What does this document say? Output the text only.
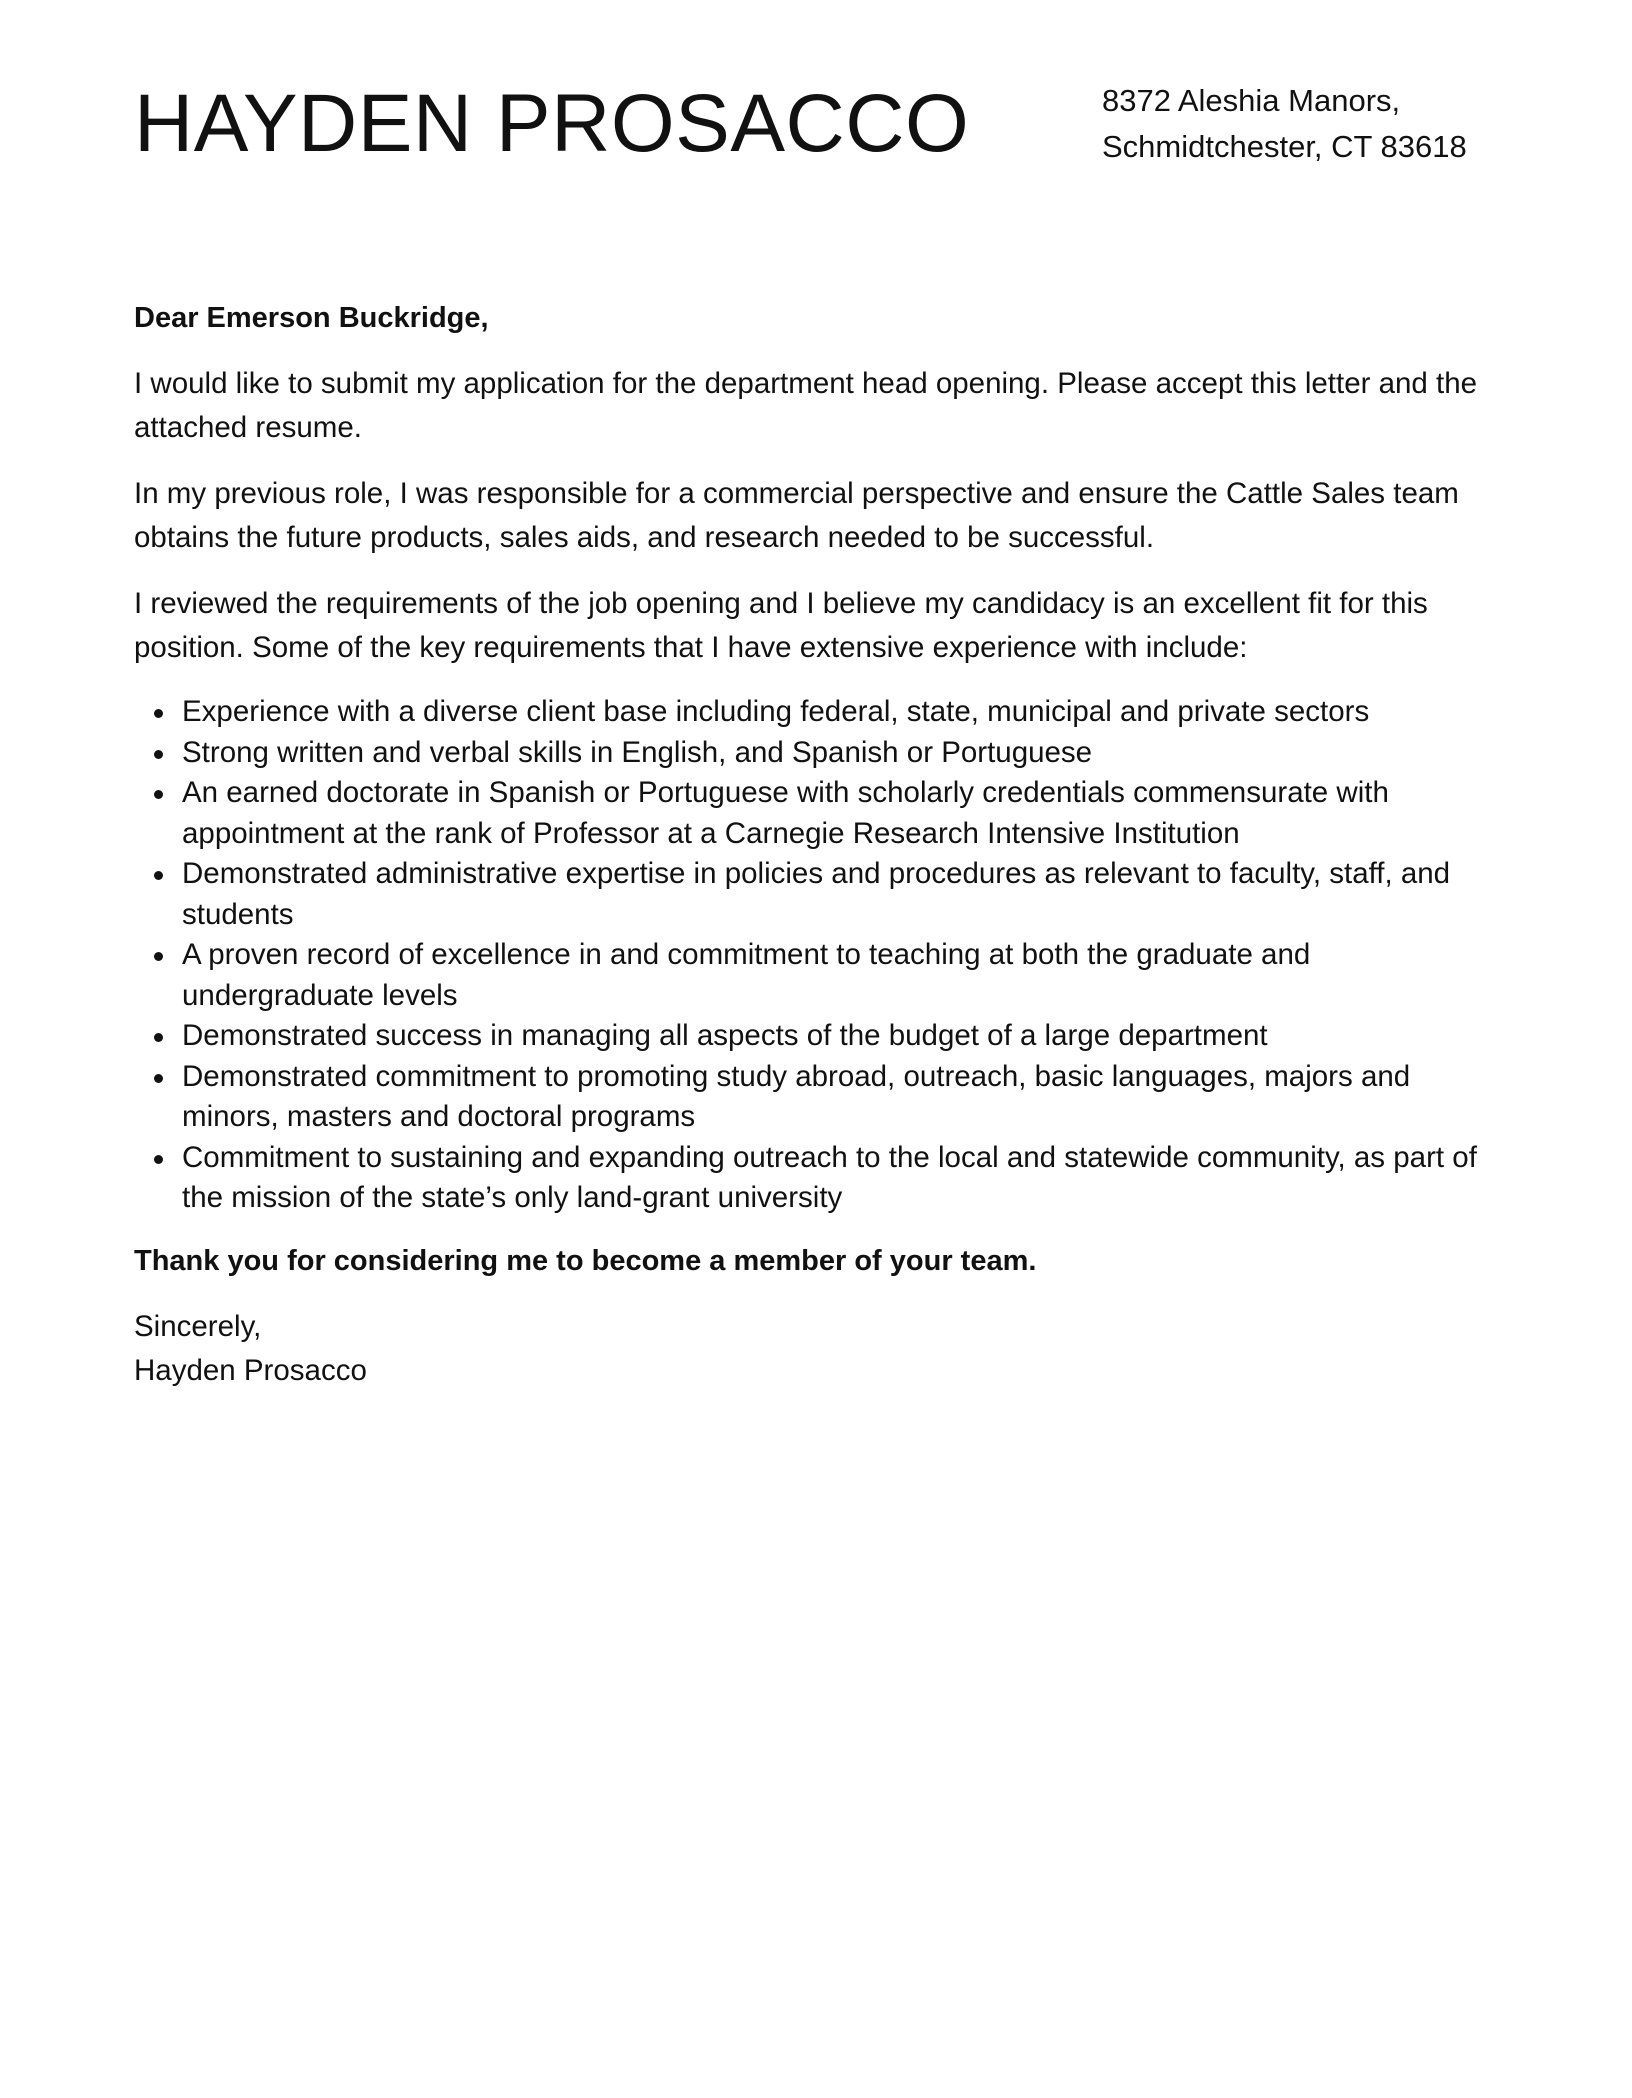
HAYDEN PROSACCO	8372 Aleshia Manors,
Schmidtchester, CT 83618

Dear Emerson Buckridge,

I would like to submit my application for the department head opening. Please accept this letter and the attached resume.

In my previous role, I was responsible for a commercial perspective and ensure the Cattle Sales team obtains the future products, sales aids, and research needed to be successful.

I reviewed the requirements of the job opening and I believe my candidacy is an excellent fit for this position. Some of the key requirements that I have extensive experience with include:

Experience with a diverse client base including federal, state, municipal and private sectors
Strong written and verbal skills in English, and Spanish or Portuguese
An earned doctorate in Spanish or Portuguese with scholarly credentials commensurate with appointment at the rank of Professor at a Carnegie Research Intensive Institution
Demonstrated administrative expertise in policies and procedures as relevant to faculty, staff, and students
A proven record of excellence in and commitment to teaching at both the graduate and undergraduate levels
Demonstrated success in managing all aspects of the budget of a large department
Demonstrated commitment to promoting study abroad, outreach, basic languages, majors and minors, masters and doctoral programs
Commitment to sustaining and expanding outreach to the local and statewide community, as part of the mission of the state’s only land-grant university

Thank you for considering me to become a member of your team.

Sincerely,
Hayden Prosacco
